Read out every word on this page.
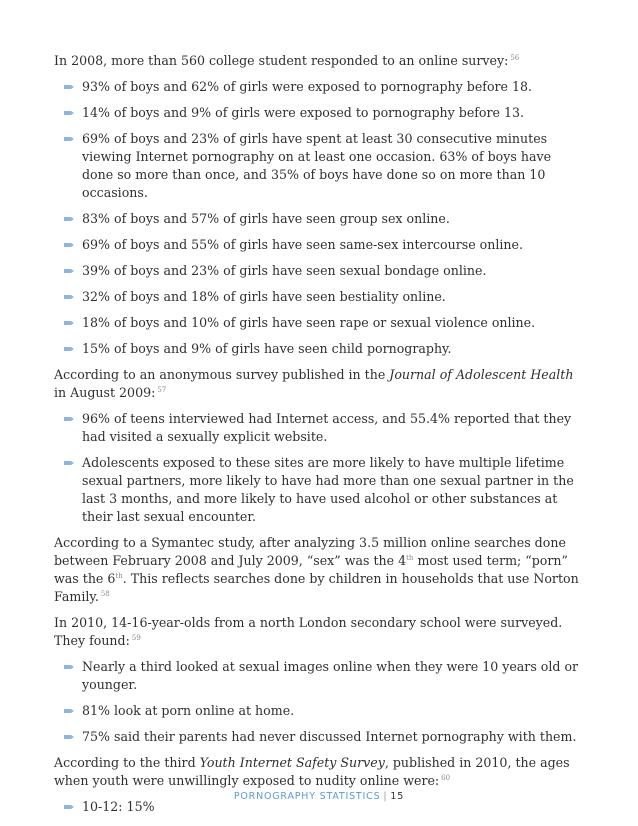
In 2008, more than 560 college student responded to an online survey: $^{56}$

93% of boys and 62% of girls were exposed to pornography before 18.
14% of boys and 9% of girls were exposed to pornography before 13.
69% of boys and 23% of girls have spent at least 30 consecutive minutes viewing Internet pornography on at least one occasion. 63% of boys have done so more than once, and 35% of boys have done so on more than 10 occasions.
83% of boys and 57% of girls have seen group sex online.
69% of boys and 55% of girls have seen same-sex intercourse online.
39% of boys and 23% of girls have seen sexual bondage online.
32% of boys and 18% of girls have seen bestiality online.
18% of boys and 10% of girls have seen rape or sexual violence online.
15% of boys and 9% of girls have seen child pornography.

According to an anonymous survey published in the Journal of Adolescent Health in August 2009: $^{57}$

96% of teens interviewed had Internet access, and 55.4% reported that they had visited a sexually explicit website.
Adolescents exposed to these sites are more likely to have multiple lifetime sexual partners, more likely to have had more than one sexual partner in the last 3 months, and more likely to have used alcohol or other substances at their last sexual encounter.

According to a Symantec study, after analyzing 3.5 million online searches done between February 2008 and July 2009, “sex” was the 4th most used term; “porn” was the 6th. This reflects searches done by children in households that use Norton Family. $^{58}$

In 2010, 14-16-year-olds from a north London secondary school were surveyed. They found: $^{59}$

Nearly a third looked at sexual images online when they were 10 years old or younger.
81% look at porn online at home.
75% said their parents had never discussed Internet pornography with them.

According to the third Youth Internet Safety Survey, published in 2010, the ages when youth were unwillingly exposed to nudity online were: $^{60}$

10-12: 15%
PORNOGRAPHY STATISTICS | 15
